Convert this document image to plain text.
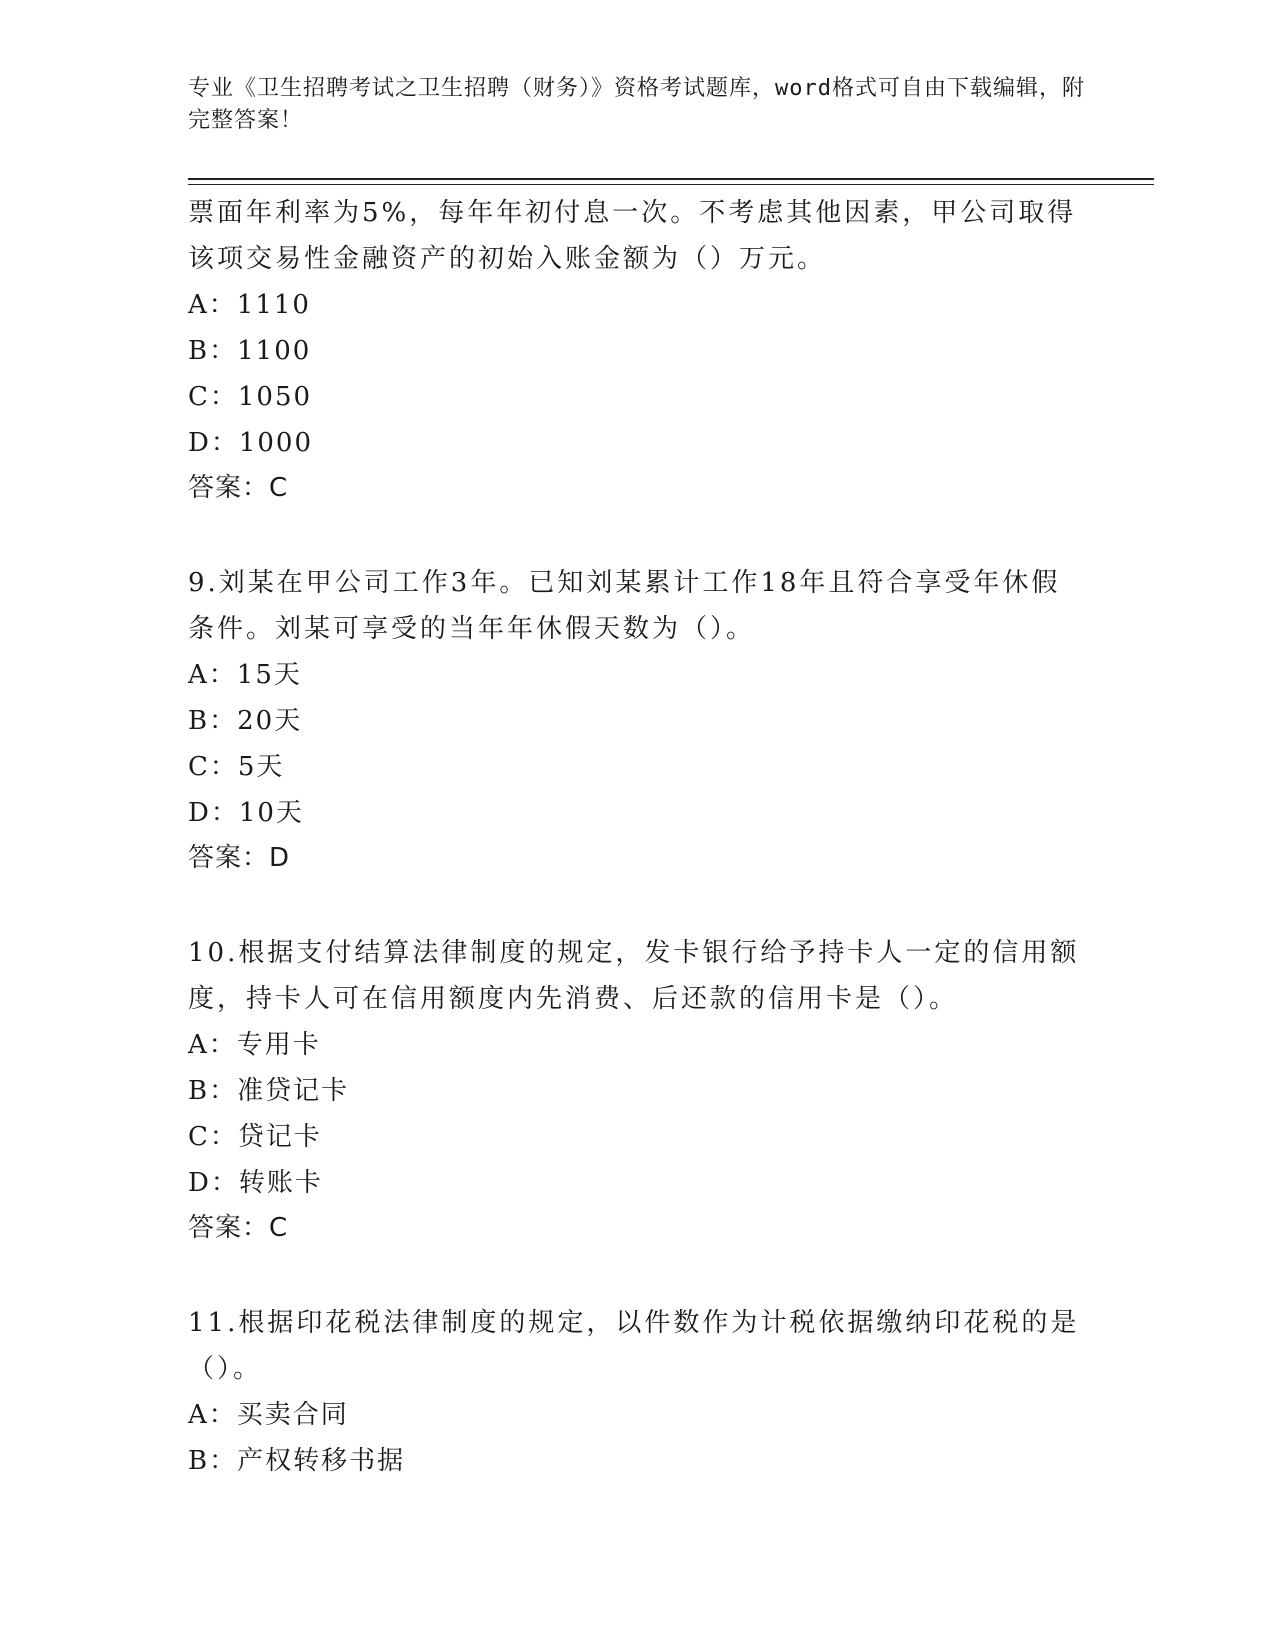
专业《卫生招聘考试之卫生招聘（财务）》资格考试题库，word格式可自由下载编辑，附完整答案！

票面年利率为5%，每年年初付息一次。不考虑其他因素，甲公司取得

该项交易性金融资产的初始入账金额为（）万元。

A：1110

B：1100

C：1050

D：1000

答案：C

9.刘某在甲公司工作3年。已知刘某累计工作18年且符合享受年休假

条件。刘某可享受的当年年休假天数为（）。

A：15天

B：20天

C：5天

D：10天

答案：D

10.根据支付结算法律制度的规定，发卡银行给予持卡人一定的信用额

度，持卡人可在信用额度内先消费、后还款的信用卡是（）。

A：专用卡

B：准贷记卡

C：贷记卡

D：转账卡

答案：C

11.根据印花税法律制度的规定，以件数作为计税依据缴纳印花税的是

（）。

A：买卖合同

B：产权转移书据
